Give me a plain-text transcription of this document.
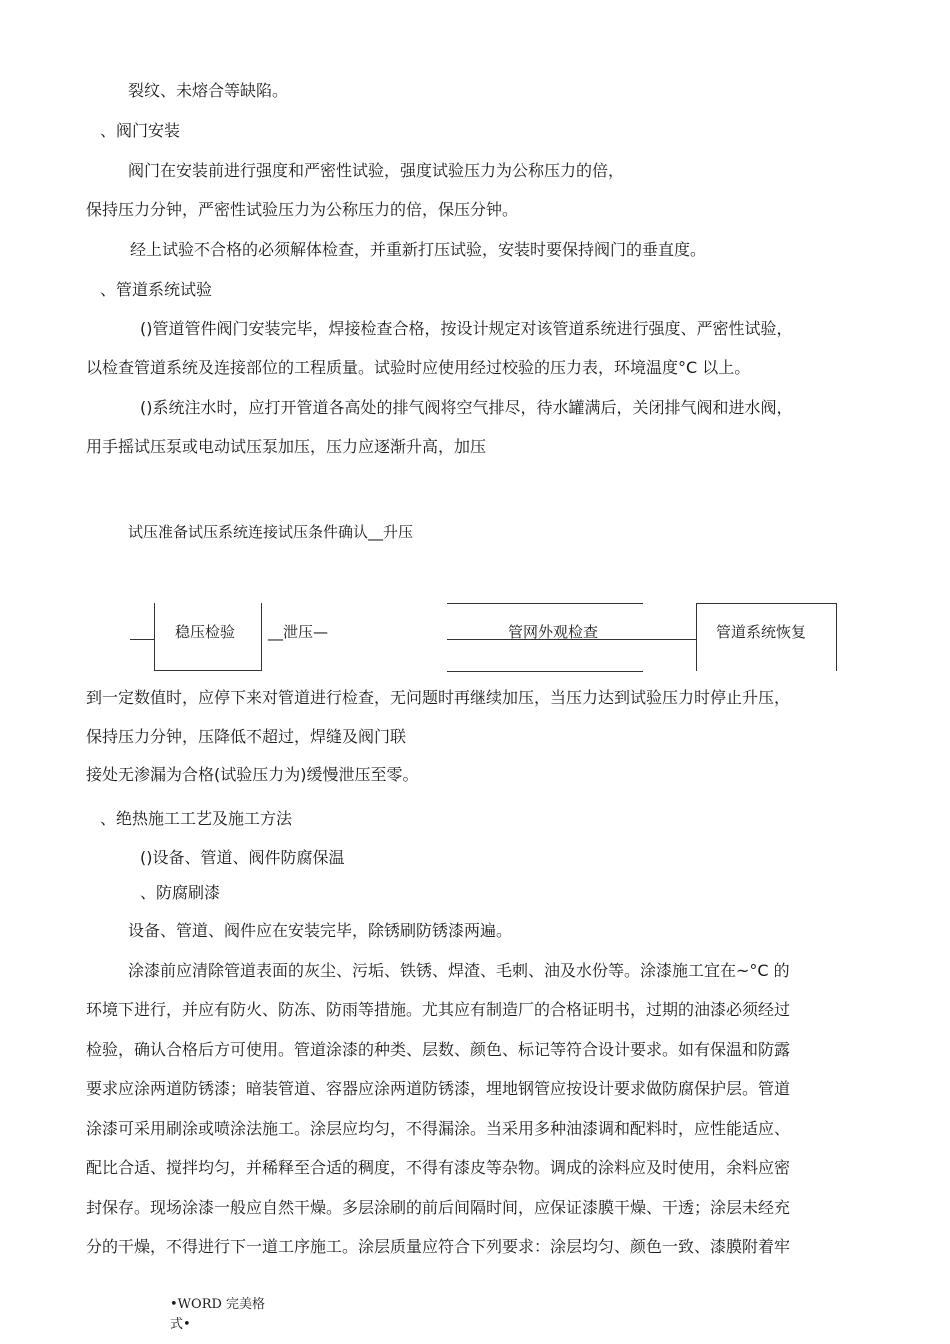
裂纹、未熔合等缺陷。
、阀门安装
阀门在安装前进行强度和严密性试验，强度试验压力为公称压力的倍，
保持压力分钟，严密性试验压力为公称压力的倍，保压分钟。
经上试验不合格的必须解体检查，并重新打压试验，安装时要保持阀门的垂直度。
、管道系统试验
()管道管件阀门安装完毕，焊接检查合格，按设计规定对该管道系统进行强度、严密性试验，
以检查管道系统及连接部位的工程质量。试验时应使用经过校验的压力表，环境温度°C 以上。
()系统注水时，应打开管道各高处的排气阀将空气排尽，待水罐满后，关闭排气阀和进水阀，
用手摇试压泵或电动试压泵加压，压力应逐渐升高，加压
试压准备试压系统连接试压条件确认__升压
稳压检验 __泄压—	管网外观检查	管道系统恢复
到一定数值时，应停下来对管道进行检查，无问题时再继续加压，当压力达到试验压力时停止升压，
保持压力分钟，压降低不超过，焊缝及阀门联
接处无渗漏为合格(试验压力为)缓慢泄压至零。
、绝热施工工艺及施工方法
()设备、管道、阀件防腐保温
、防腐刷漆
设备、管道、阀件应在安装完毕，除锈刷防锈漆两遍。
涂漆前应清除管道表面的灰尘、污垢、铁锈、焊渣、毛刺、油及水份等。涂漆施工宜在~°C 的
环境下进行，并应有防火、防冻、防雨等措施。尤其应有制造厂的合格证明书，过期的油漆必须经过
检验，确认合格后方可使用。管道涂漆的种类、层数、颜色、标记等符合设计要求。如有保温和防露
要求应涂两道防锈漆；暗装管道、容器应涂两道防锈漆，埋地钢管应按设计要求做防腐保护层。管道
涂漆可采用刷涂或喷涂法施工。涂层应均匀，不得漏涂。当采用多种油漆调和配料时，应性能适应、
配比合适、搅拌均匀，并稀释至合适的稠度，不得有漆皮等杂物。调成的涂料应及时使用，余料应密
封保存。现场涂漆一般应自然干燥。多层涂刷的前后间隔时间，应保证漆膜干燥、干透；涂层未经充
分的干燥，不得进行下一道工序施工。涂层质量应符合下列要求：涂层均匀、颜色一致、漆膜附着牢
•WORD 完美格
式•
